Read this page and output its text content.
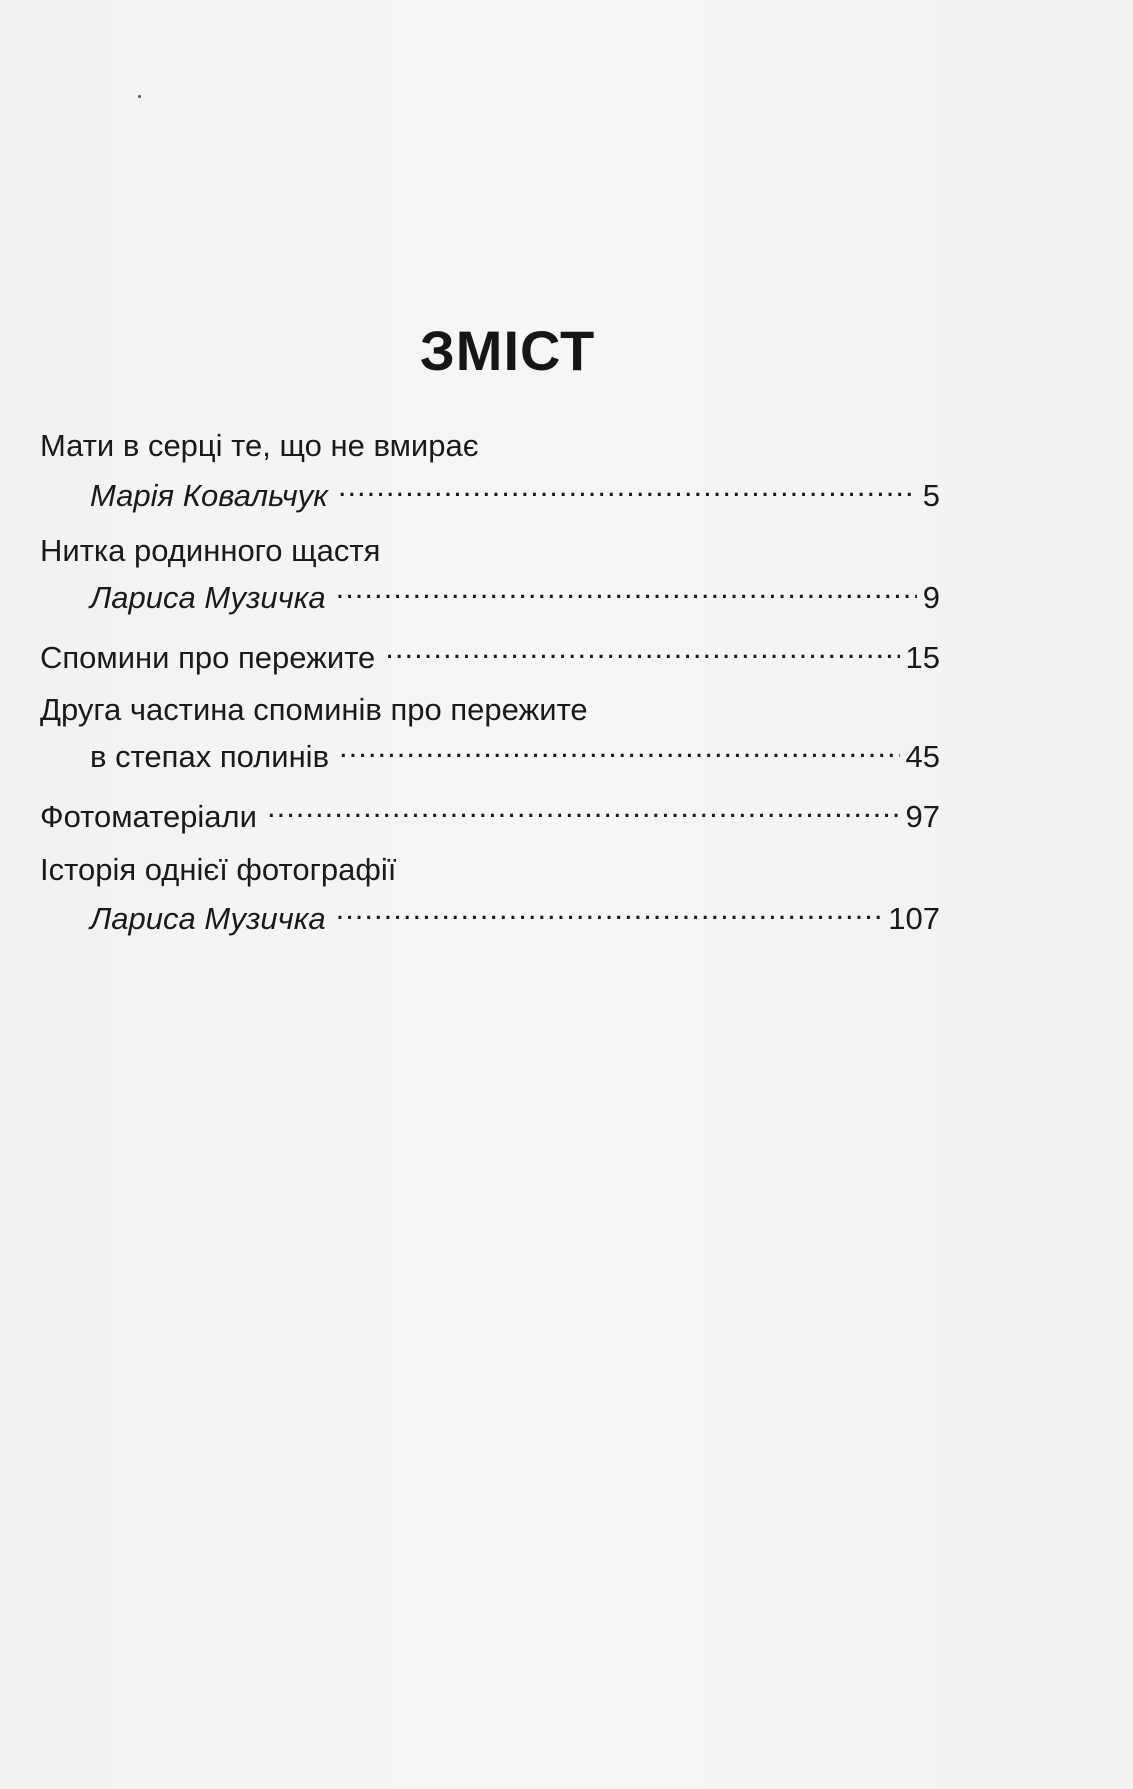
ЗМІСТ
Мати в серці те, що не вмирає
Марія Ковальчук .....	5
Нитка родинного щастя
Лариса Музичка .....	9
Спомини про пережите .....	15
Друга частина споминів про пережите
в степах полинів .....	45
Фотоматеріали .....	97
Історія однієї фотографії
Лариса Музичка .....	107
